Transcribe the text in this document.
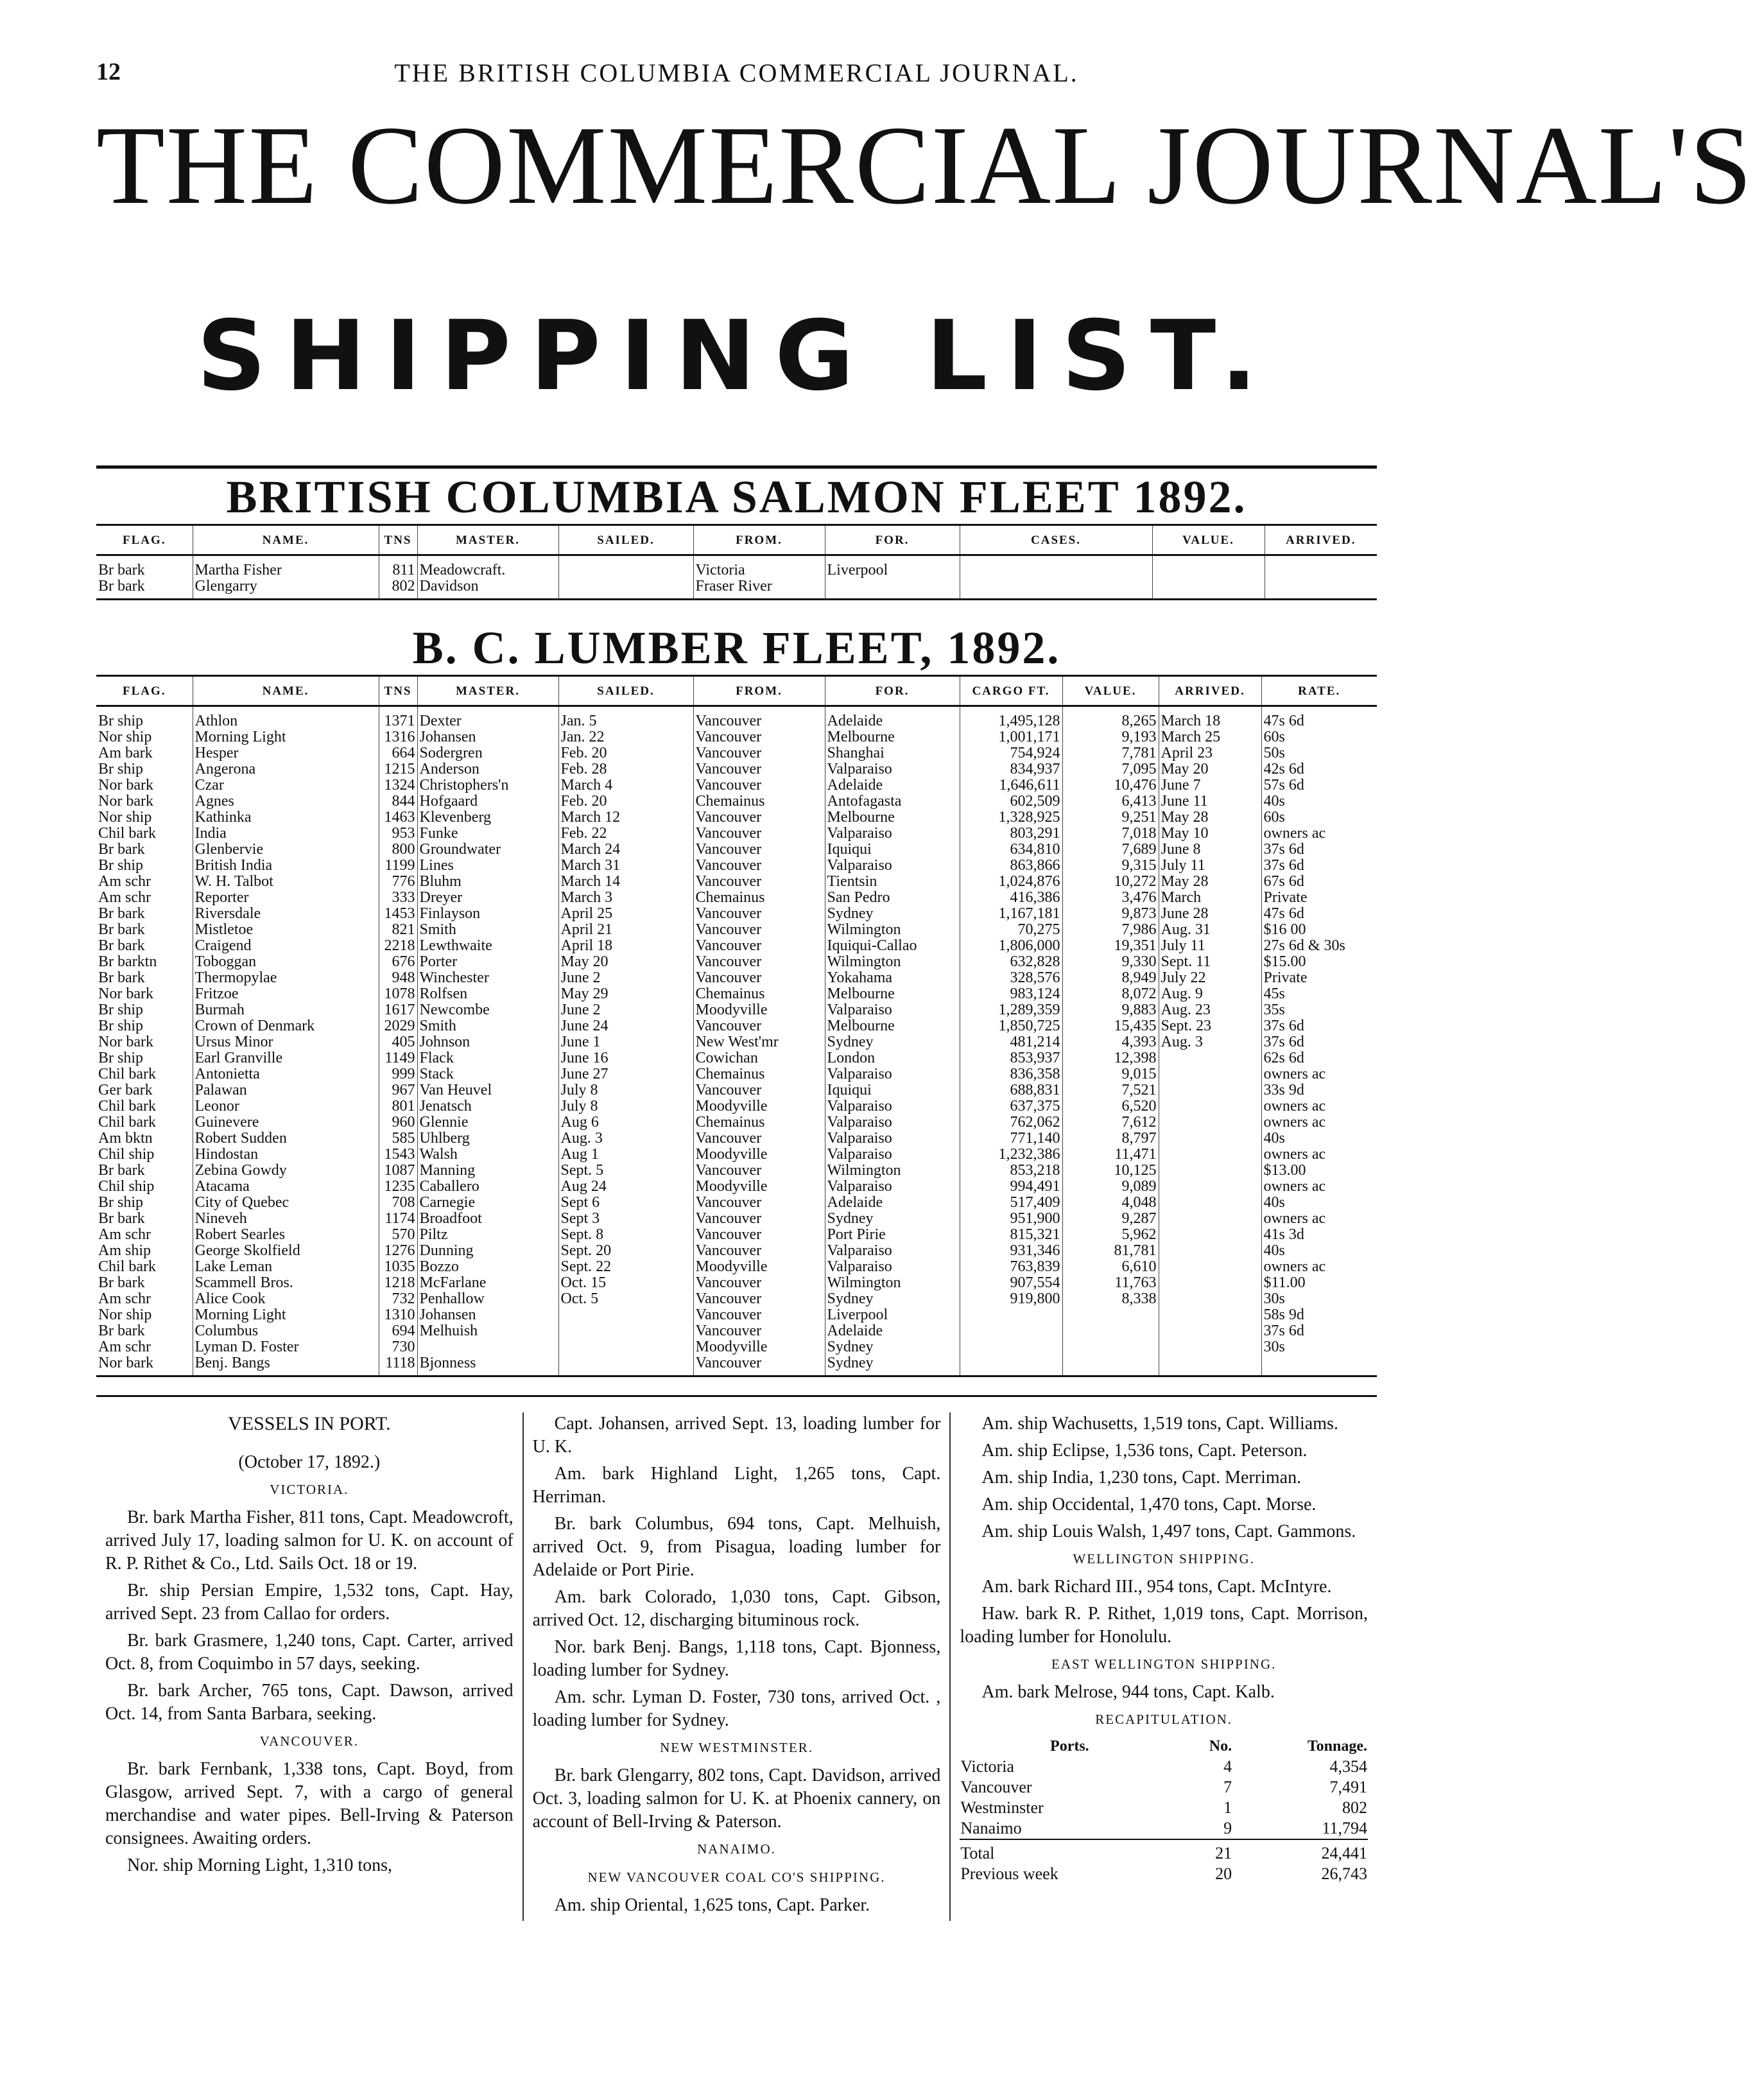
12	THE BRITISH COLUMBIA COMMERCIAL JOURNAL.
THE COMMERCIAL JOURNAL'S
SHIPPING LIST.
BRITISH COLUMBIA SALMON FLEET 1892.
FLAG.	NAME.	TNS	MASTER.	SAILED.	FROM.	FOR.	CASES.	VALUE.	ARRIVED.
Br bark	Martha Fisher	811	Meadowcraft.		Victoria	Liverpool			
Br bark	Glengarry	802	Davidson		Fraser River				
B. C. LUMBER FLEET, 1892.
FLAG.	NAME.	TNS	MASTER.	SAILED.	FROM.	FOR.	CARGO FT.	VALUE.	ARRIVED.	RATE.
Br ship	Athlon	1371	Dexter	Jan. 5	Vancouver	Adelaide	1,495,128	8,265	March 18	47s 6d
Nor ship	Morning Light	1316	Johansen	Jan. 22	Vancouver	Melbourne	1,001,171	9,193	March 25	60s
Am bark	Hesper	664	Sodergren	Feb. 20	Vancouver	Shanghai	754,924	7,781	April 23	50s
Br ship	Angerona	1215	Anderson	Feb. 28	Vancouver	Valparaiso	834,937	7,095	May 20	42s 6d
Nor bark	Czar	1324	Christophers'n	March 4	Vancouver	Adelaide	1,646,611	10,476	June 7	57s 6d
Nor bark	Agnes	844	Hofgaard	Feb. 20	Chemainus	Antofagasta	602,509	6,413	June 11	40s
Nor ship	Kathinka	1463	Klevenberg	March 12	Vancouver	Melbourne	1,328,925	9,251	May 28	60s
Chil bark	India	953	Funke	Feb. 22	Vancouver	Valparaiso	803,291	7,018	May 10	owners ac
Br bark	Glenbervie	800	Groundwater	March 24	Vancouver	Iquiqui	634,810	7,689	June 8	37s 6d
Br ship	British India	1199	Lines	March 31	Vancouver	Valparaiso	863,866	9,315	July 11	37s 6d
Am schr	W. H. Talbot	776	Bluhm	March 14	Vancouver	Tientsin	1,024,876	10,272	May 28	67s 6d
Am schr	Reporter	333	Dreyer	March 3	Chemainus	San Pedro	416,386	3,476	March	Private
Br bark	Riversdale	1453	Finlayson	April 25	Vancouver	Sydney	1,167,181	9,873	June 28	47s 6d
Br bark	Mistletoe	821	Smith	April 21	Vancouver	Wilmington	70,275	7,986	Aug. 31	$16 00
Br bark	Craigend	2218	Lewthwaite	April 18	Vancouver	Iquiqui-Callao	1,806,000	19,351	July 11	27s 6d & 30s
Br barktn	Toboggan	676	Porter	May 20	Vancouver	Wilmington	632,828	9,330	Sept. 11	$15.00
Br bark	Thermopylae	948	Winchester	June 2	Vancouver	Yokahama	328,576	8,949	July 22	Private
Nor bark	Fritzoe	1078	Rolfsen	May 29	Chemainus	Melbourne	983,124	8,072	Aug. 9	45s
Br ship	Burmah	1617	Newcombe	June 2	Moodyville	Valparaiso	1,289,359	9,883	Aug. 23	35s
Br ship	Crown of Denmark	2029	Smith	June 24	Vancouver	Melbourne	1,850,725	15,435	Sept. 23	37s 6d
Nor bark	Ursus Minor	405	Johnson	June 1	New West'mr	Sydney	481,214	4,393	Aug. 3	37s 6d
Br ship	Earl Granville	1149	Flack	June 16	Cowichan	London	853,937	12,398		62s 6d
Chil bark	Antonietta	999	Stack	June 27	Chemainus	Valparaiso	836,358	9,015		owners ac
Ger bark	Palawan	967	Van Heuvel	July 8	Vancouver	Iquiqui	688,831	7,521		33s 9d
Chil bark	Leonor	801	Jenatsch	July 8	Moodyville	Valparaiso	637,375	6,520		owners ac
Chil bark	Guinevere	960	Glennie	Aug 6	Chemainus	Valparaiso	762,062	7,612		owners ac
Am bktn	Robert Sudden	585	Uhlberg	Aug. 3	Vancouver	Valparaiso	771,140	8,797		40s
Chil ship	Hindostan	1543	Walsh	Aug 1	Moodyville	Valparaiso	1,232,386	11,471		owners ac
Br bark	Zebina Gowdy	1087	Manning	Sept. 5	Vancouver	Wilmington	853,218	10,125		$13.00
Chil ship	Atacama	1235	Caballero	Aug 24	Moodyville	Valparaiso	994,491	9,089		owners ac
Br ship	City of Quebec	708	Carnegie	Sept 6	Vancouver	Adelaide	517,409	4,048		40s
Br bark	Nineveh	1174	Broadfoot	Sept 3	Vancouver	Sydney	951,900	9,287		owners ac
Am schr	Robert Searles	570	Piltz	Sept. 8	Vancouver	Port Pirie	815,321	5,962		41s 3d
Am ship	George Skolfield	1276	Dunning	Sept. 20	Vancouver	Valparaiso	931,346	81,781		40s
Chil bark	Lake Leman	1035	Bozzo	Sept. 22	Moodyville	Valparaiso	763,839	6,610		owners ac
Br bark	Scammell Bros.	1218	McFarlane	Oct. 15	Vancouver	Wilmington	907,554	11,763		$11.00
Am schr	Alice Cook	732	Penhallow	Oct. 5	Vancouver	Sydney	919,800	8,338		30s
Nor ship	Morning Light	1310	Johansen		Vancouver	Liverpool				58s 9d
Br bark	Columbus	694	Melhuish		Vancouver	Adelaide				37s 6d
Am schr	Lyman D. Foster	730			Moodyville	Sydney				30s
Nor bark	Benj. Bangs	1118	Bjonness		Vancouver	Sydney				

VESSELS IN PORT.

(October 17, 1892.)

VICTORIA.

Br. bark Martha Fisher, 811 tons, Capt. Meadowcroft, arrived July 17, loading salmon for U. K. on account of R. P. Rithet & Co., Ltd. Sails Oct. 18 or 19.

Br. ship Persian Empire, 1,532 tons, Capt. Hay, arrived Sept. 23 from Callao for orders.

Br. bark Grasmere, 1,240 tons, Capt. Carter, arrived Oct. 8, from Coquimbo in 57 days, seeking.

Br. bark Archer, 765 tons, Capt. Dawson, arrived Oct. 14, from Santa Barbara, seeking.

VANCOUVER.

Br. bark Fernbank, 1,338 tons, Capt. Boyd, from Glasgow, arrived Sept. 7, with a cargo of general merchandise and water pipes. Bell-Irving & Paterson consignees. Awaiting orders.

Nor. ship Morning Light, 1,310 tons,

Capt. Johansen, arrived Sept. 13, loading lumber for U. K.

Am. bark Highland Light, 1,265 tons, Capt. Herriman.

Br. bark Columbus, 694 tons, Capt. Melhuish, arrived Oct. 9, from Pisagua, loading lumber for Adelaide or Port Pirie.

Am. bark Colorado, 1,030 tons, Capt. Gibson, arrived Oct. 12, discharging bituminous rock.

Nor. bark Benj. Bangs, 1,118 tons, Capt. Bjonness, loading lumber for Sydney.

Am. schr. Lyman D. Foster, 730 tons, arrived Oct. , loading lumber for Sydney.

NEW WESTMINSTER.

Br. bark Glengarry, 802 tons, Capt. Davidson, arrived Oct. 3, loading salmon for U. K. at Phoenix cannery, on account of Bell-Irving & Paterson.

NANAIMO.

NEW VANCOUVER COAL CO'S SHIPPING.

Am. ship Oriental, 1,625 tons, Capt. Parker.

Am. ship Wachusetts, 1,519 tons, Capt. Williams.

Am. ship Eclipse, 1,536 tons, Capt. Peterson.

Am. ship India, 1,230 tons, Capt. Merriman.

Am. ship Occidental, 1,470 tons, Capt. Morse.

Am. ship Louis Walsh, 1,497 tons, Capt. Gammons.

WELLINGTON SHIPPING.

Am. bark Richard III., 954 tons, Capt. McIntyre.

Haw. bark R. P. Rithet, 1,019 tons, Capt. Morrison, loading lumber for Honolulu.

EAST WELLINGTON SHIPPING.

Am. bark Melrose, 944 tons, Capt. Kalb.

RECAPITULATION.

Ports.	No.	Tonnage.
Victoria	4	4,354
Vancouver	7	7,491
Westminster	1	802
Nanaimo	9	11,794
Total	21	24,441
Previous week	20	26,743
